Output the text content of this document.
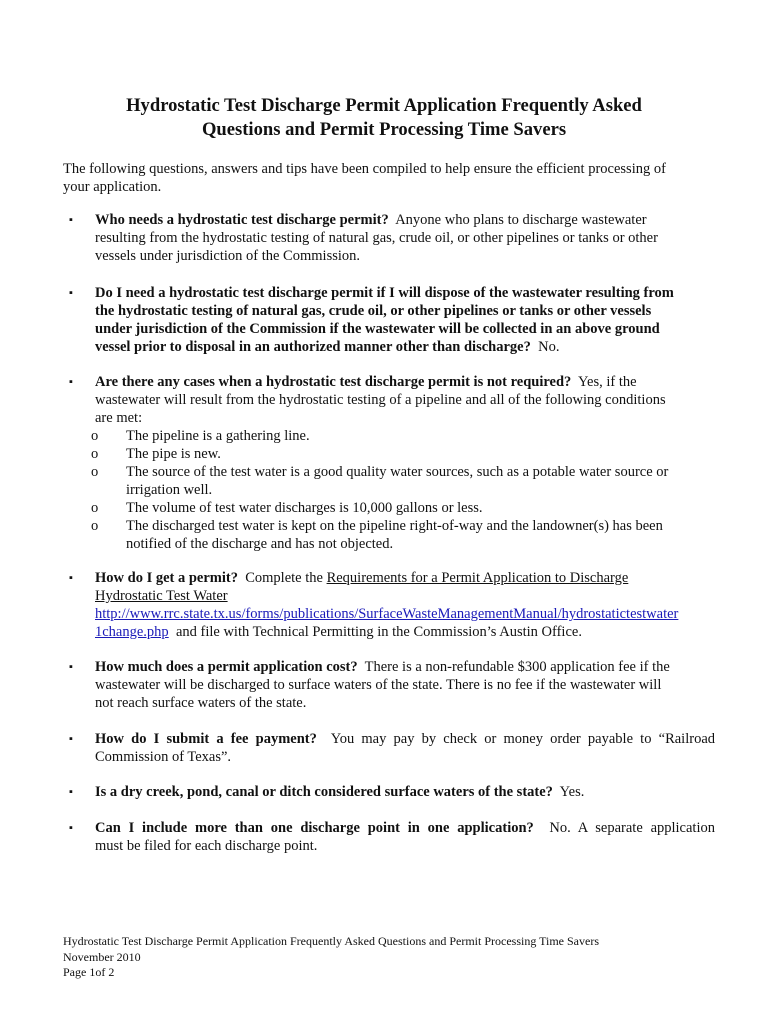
Hydrostatic Test Discharge Permit Application Frequently Asked
Questions and Permit Processing Time Savers
The following questions, answers and tips have been compiled to help ensure the efficient processing of
your application.
▪ Who needs a hydrostatic test discharge permit? Anyone who plans to discharge wastewater
resulting from the hydrostatic testing of natural gas, crude oil, or other pipelines or tanks or other
vessels under jurisdiction of the Commission.
▪ Do I need a hydrostatic test discharge permit if I will dispose of the wastewater resulting from
the hydrostatic testing of natural gas, crude oil, or other pipelines or tanks or other vessels
under jurisdiction of the Commission if the wastewater will be collected in an above ground
vessel prior to disposal in an authorized manner other than discharge? No.
▪ Are there any cases when a hydrostatic test discharge permit is not required? Yes, if the
wastewater will result from the hydrostatic testing of a pipeline and all of the following conditions
are met:
o The pipeline is a gathering line.
o The pipe is new.
o The source of the test water is a good quality water sources, such as a potable water source or
irrigation well.
o The volume of test water discharges is 10,000 gallons or less.
o The discharged test water is kept on the pipeline right-of-way and the landowner(s) has been
notified of the discharge and has not objected.
▪ How do I get a permit? Complete the Requirements for a Permit Application to Discharge
Hydrostatic Test Water
http://www.rrc.state.tx.us/forms/publications/SurfaceWasteManagementManual/hydrostatictestwater
1change.php and file with Technical Permitting in the Commission’s Austin Office.
▪ How much does a permit application cost? There is a non-refundable $300 application fee if the
wastewater will be discharged to surface waters of the state. There is no fee if the wastewater will
not reach surface waters of the state.
▪ How do I submit a fee payment? You may pay by check or money order payable to “Railroad
Commission of Texas”.
▪ Is a dry creek, pond, canal or ditch considered surface waters of the state? Yes.
▪ Can I include more than one discharge point in one application? No. A separate application
must be filed for each discharge point.
Hydrostatic Test Discharge Permit Application Frequently Asked Questions and Permit Processing Time Savers
November 2010
Page 1of 2
